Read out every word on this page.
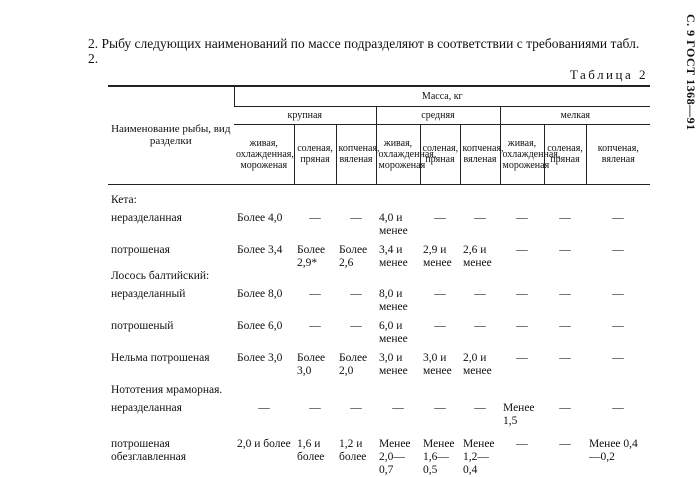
С. 9 ГОСТ 1368—91
2. Рыбу следующих наименований по массе подразделяют в соответствии с требованиями табл. 2.
Таблица 2
Наименование рыбы, вид разделки	Масса, кг								
	крупная			средняя			мелкая		
	живая, охлажденная, мороженая	соленая, пряная	копченая, вяленая	живая, охлажденная, мороженая	соленая, пряная	копченая, вяленая	живая, охлажденная, мороженая	соленая, пряная	копченая, вяленая
Кета:									
неразделанная	Более 4,0	—	—	4,0 и менее	—	—	—	—	—
потрошеная	Более 3,4	Более 2,9*	Более 2,6	3,4 и менее	2,9 и менее	2,6 и менее	—	—	—
Лосось балтийский:									
неразделанный	Более 8,0	—	—	8,0 и менее	—	—	—	—	—
потрошеный	Более 6,0	—	—	6,0 и менее	—	—	—	—	—
Нельма потрошеная	Более 3,0	Более 3,0	Более 2,0	3,0 и менее	3,0 и менее	2,0 и менее	—	—	—
Нототения мраморная.									
неразделанная	—	—	—	—	—	—	Менее 1,5	—	—
потрошеная обезглавленная	2,0 и более	1,6 и более	1,2 и более	Менее 2,0—0,7	Менее 1,6—0,5	Менее 1,2—0,4	—	—	Менее 0,4—0,2
